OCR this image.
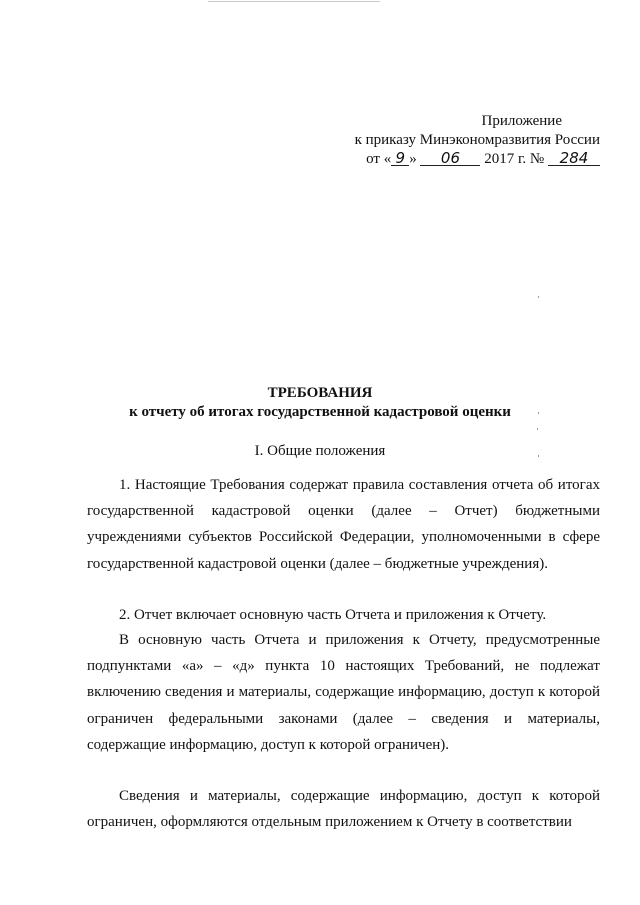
Приложение
к приказу Минэкономразвития России
от « 9 » 06 2017 г. № 284
ТРЕБОВАНИЯ
к отчету об итогах государственной кадастровой оценки
I. Общие положения

1. Настоящие Требования содержат правила составления отчета об итогах государственной кадастровой оценки (далее – Отчет) бюджетными учреждениями субъектов Российской Федерации, уполномоченными в сфере государственной кадастровой оценки (далее – бюджетные учреждения).

2. Отчет включает основную часть Отчета и приложения к Отчету.

В основную часть Отчета и приложения к Отчету, предусмотренные подпунктами «а» – «д» пункта 10 настоящих Требований, не подлежат включению сведения и материалы, содержащие информацию, доступ к которой ограничен федеральными законами (далее – сведения и материалы, содержащие информацию, доступ к которой ограничен).

Сведения и материалы, содержащие информацию, доступ к которой ограничен, оформляются отдельным приложением к Отчету в соответствии
